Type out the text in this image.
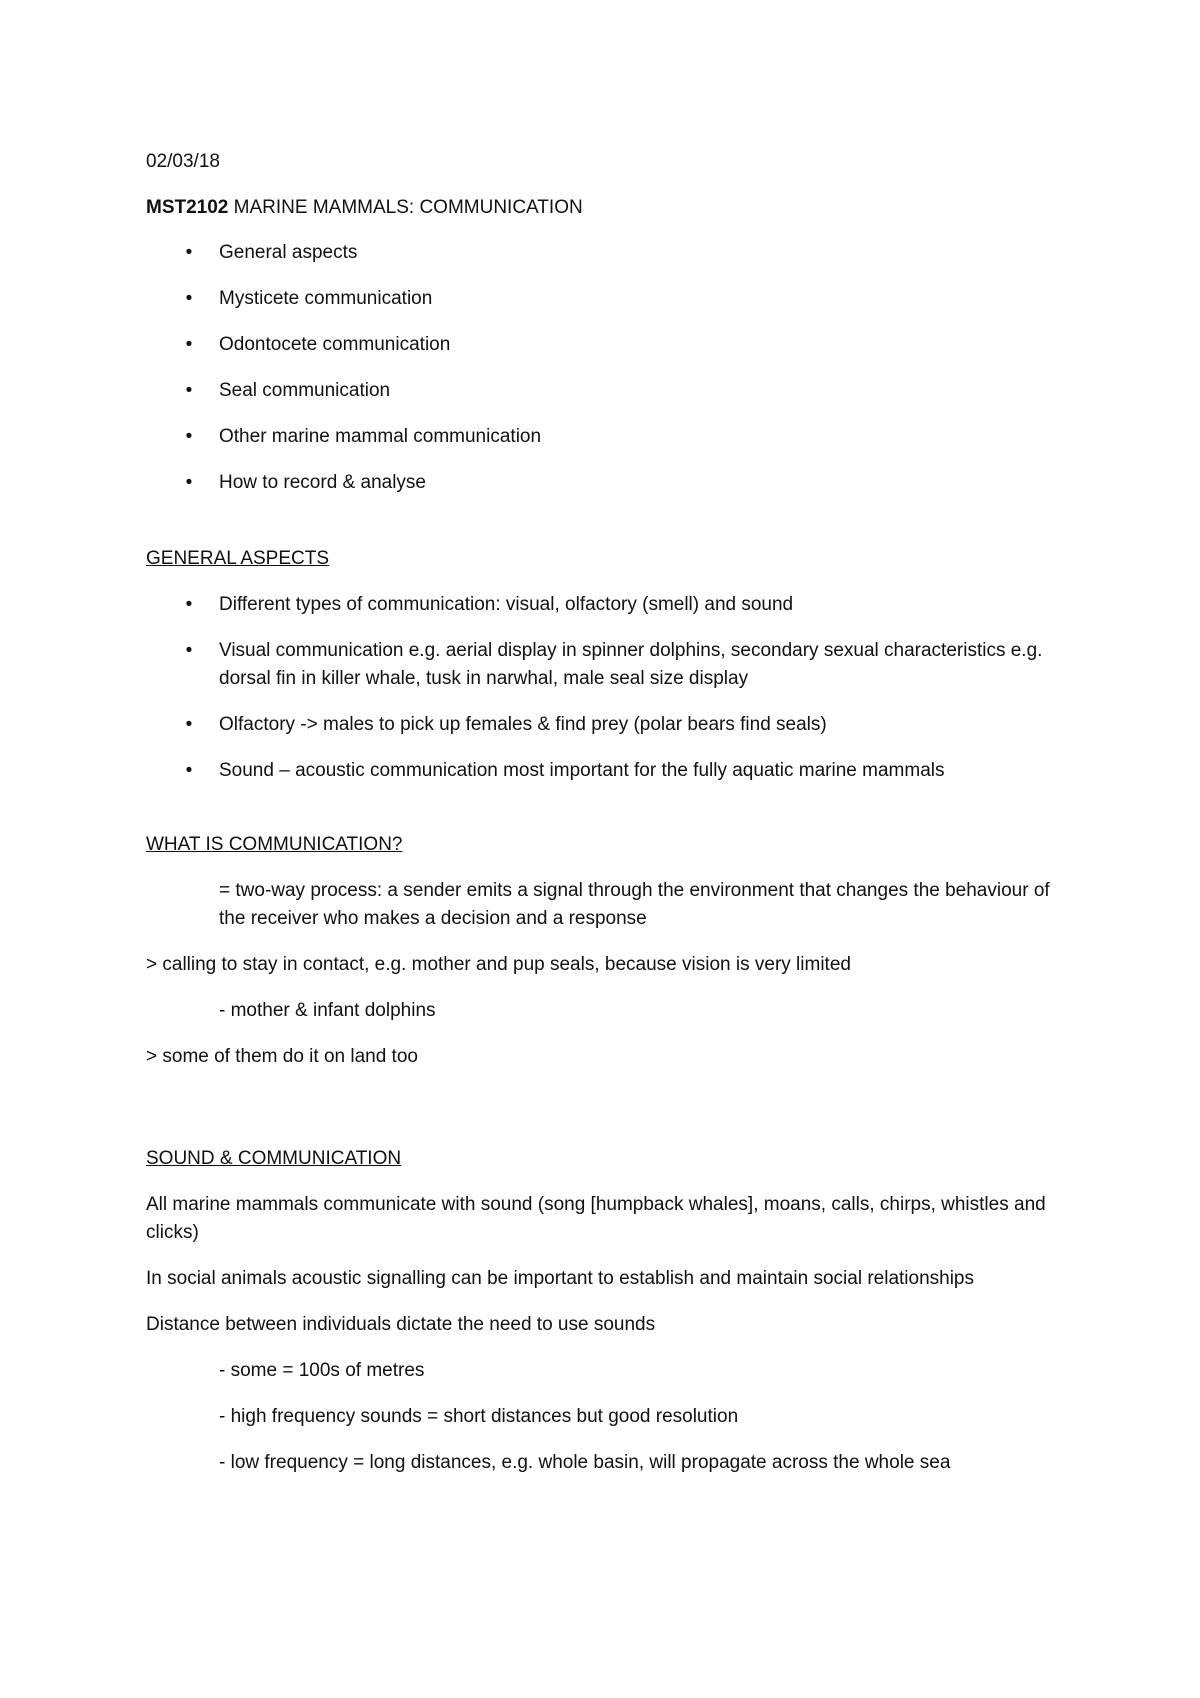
02/03/18

MST2102 MARINE MAMMALS: COMMUNICATION

• General aspects
• Mysticete communication
• Odontocete communication
• Seal communication
• Other marine mammal communication
• How to record & analyse

GENERAL ASPECTS

• Different types of communication: visual, olfactory (smell) and sound
• Visual communication e.g. aerial display in spinner dolphins, secondary sexual characteristics e.g. dorsal fin in killer whale, tusk in narwhal, male seal size display
• Olfactory -> males to pick up females & find prey (polar bears find seals)
• Sound – acoustic communication most important for the fully aquatic marine mammals

WHAT IS COMMUNICATION?

= two-way process: a sender emits a signal through the environment that changes the behaviour of the receiver who makes a decision and a response

> calling to stay in contact, e.g. mother and pup seals, because vision is very limited

- mother & infant dolphins

> some of them do it on land too

SOUND & COMMUNICATION

All marine mammals communicate with sound (song [humpback whales], moans, calls, chirps, whistles and clicks)

In social animals acoustic signalling can be important to establish and maintain social relationships

Distance between individuals dictate the need to use sounds

- some = 100s of metres

- high frequency sounds = short distances but good resolution

- low frequency = long distances, e.g. whole basin, will propagate across the whole sea
